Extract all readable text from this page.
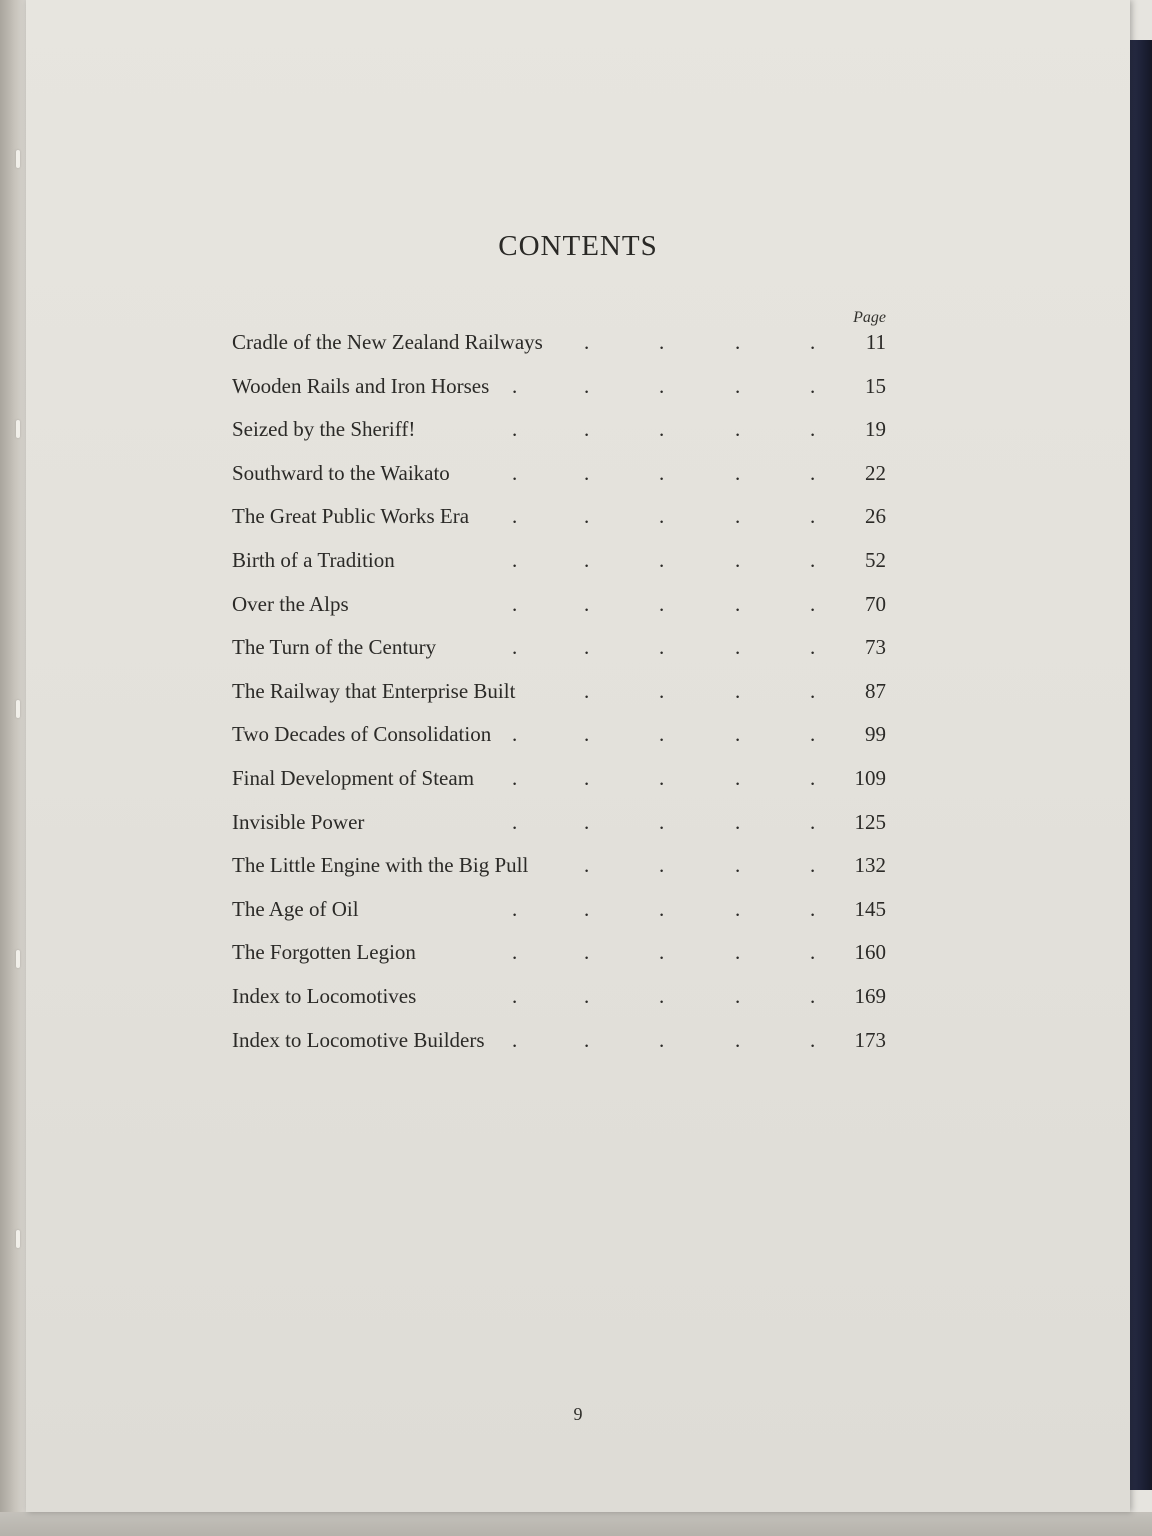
CONTENTS
Page
Cradle of the New Zealand Railways .	.	.	. 11
Wooden Rails and Iron Horses .	.	.	.	. 15
Seized by the Sheriff!	.	.	.	.	. 19
Southward to the Waikato	.	.	.	.	. 22
The Great Public Works Era .	.	.	.	. 26
Birth of a Tradition	.	.	.	.	. 52
Over the Alps	.	.	.	.	. 70
The Turn of the Century	.	.	.	.	. 73
The Railway that Enterprise Built	.	.	.	. 87
Two Decades of Consolidation .	.	.	.	. 99
Final Development of Steam .	.	.	.	. 109
Invisible Power	.	.	.	.	. 125
The Little Engine with the Big Pull	.	.	.	. 132
The Age of Oil	.	.	.	.	. 145
The Forgotten Legion	.	.	.	.	. 160
Index to Locomotives	.	.	.	.	. 169
Index to Locomotive Builders .	.	.	.	. 173
9
